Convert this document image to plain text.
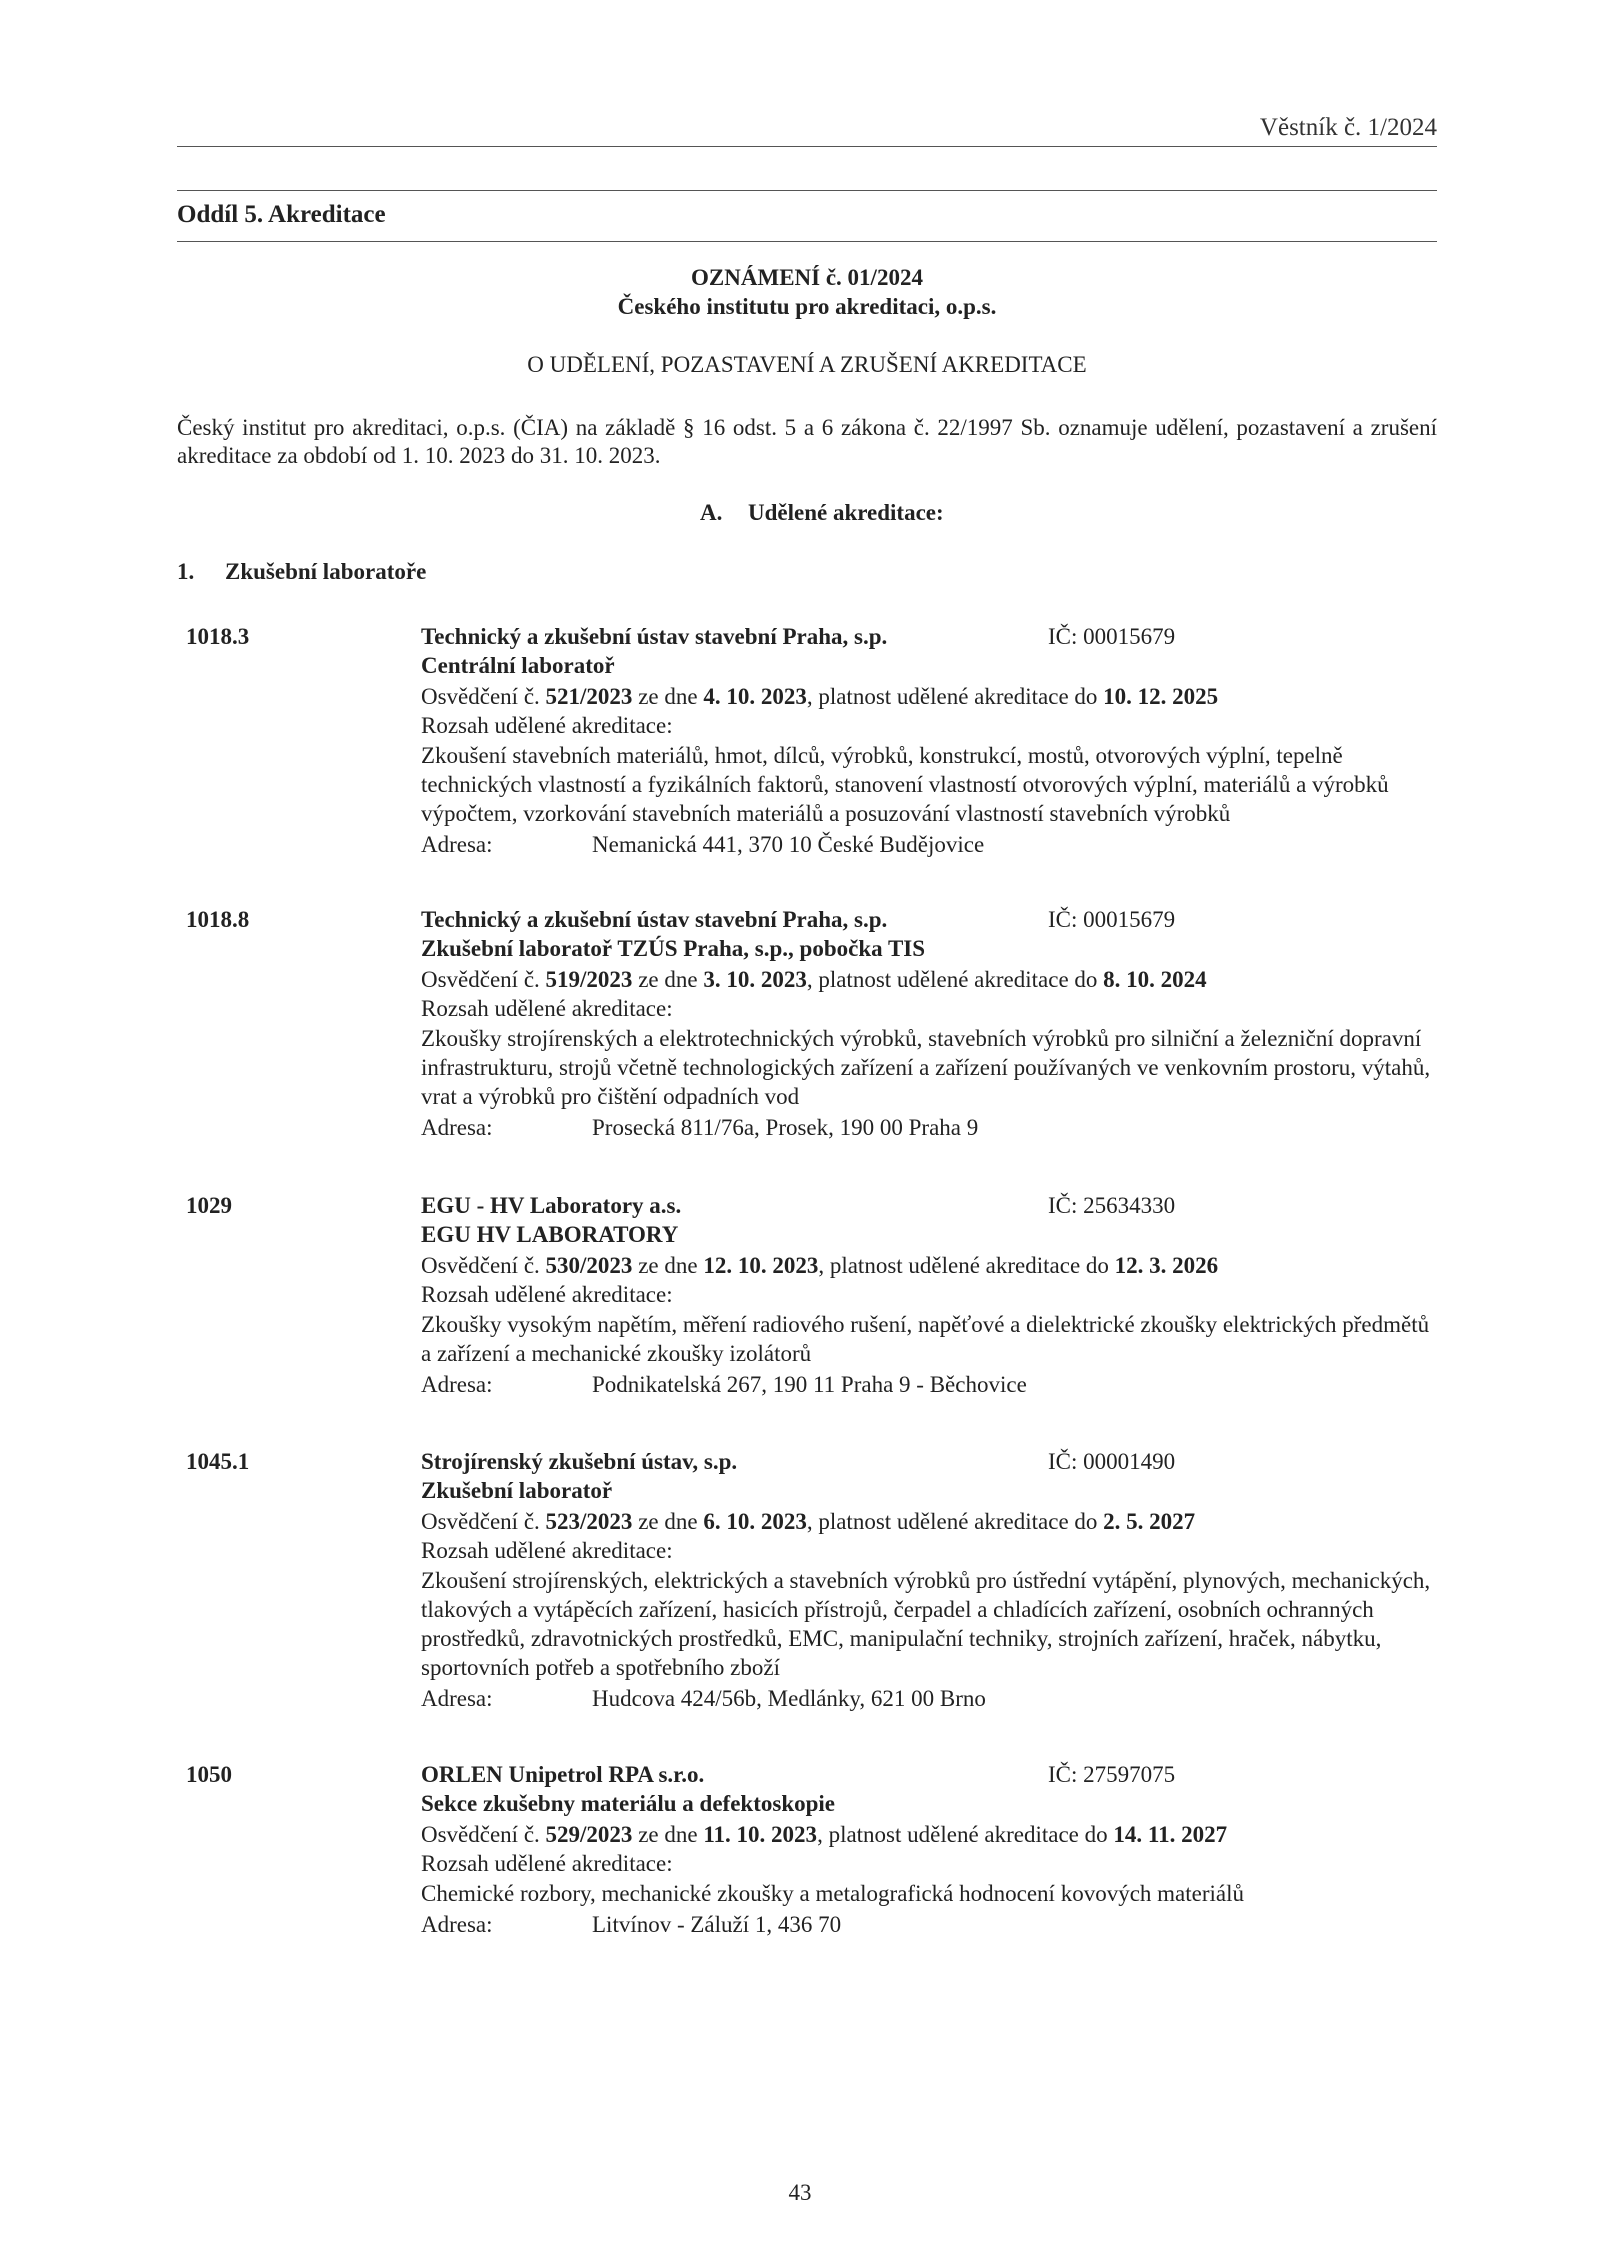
Věstník č. 1/2024
Oddíl 5. Akreditace
OZNÁMENÍ č. 01/2024
Českého institutu pro akreditaci, o.p.s.
O UDĚLENÍ, POZASTAVENÍ A ZRUŠENÍ AKREDITACE
Český institut pro akreditaci, o.p.s. (ČIA) na základě § 16 odst. 5 a 6 zákona č. 22/1997 Sb. oznamuje udělení, pozastavení a zrušení akreditace za období od 1. 10. 2023 do 31. 10. 2023.
A. Udělené akreditace:
1. Zkušební laboratoře
1018.3	Technický a zkušební ústav stavební Praha, s.p.	IČ: 00015679
Centrální laboratoř
Osvědčení č. 521/2023 ze dne 4. 10. 2023, platnost udělené akreditace do 10. 12. 2025
Rozsah udělené akreditace:
Zkoušení stavebních materiálů, hmot, dílců, výrobků, konstrukcí, mostů, otvorových výplní, tepelně technických vlastností a fyzikálních faktorů, stanovení vlastností otvorových výplní, materiálů a výrobků výpočtem, vzorkování stavebních materiálů a posuzování vlastností stavebních výrobků
Adresa:	Nemanická 441, 370 10 České Budějovice
1018.8	Technický a zkušební ústav stavební Praha, s.p.	IČ: 00015679
Zkušební laboratoř TZÚS Praha, s.p., pobočka TIS
Osvědčení č. 519/2023 ze dne 3. 10. 2023, platnost udělené akreditace do 8. 10. 2024
Rozsah udělené akreditace:
Zkoušky strojírenských a elektrotechnických výrobků, stavebních výrobků pro silniční a železniční dopravní infrastrukturu, strojů včetně technologických zařízení a zařízení používaných ve venkovním prostoru, výtahů, vrat a výrobků pro čištění odpadních vod
Adresa:	Prosecká 811/76a, Prosek, 190 00 Praha 9
1029	EGU - HV Laboratory a.s.	IČ: 25634330
EGU HV LABORATORY
Osvědčení č. 530/2023 ze dne 12. 10. 2023, platnost udělené akreditace do 12. 3. 2026
Rozsah udělené akreditace:
Zkoušky vysokým napětím, měření radiového rušení, napěťové a dielektrické zkoušky elektrických předmětů a zařízení a mechanické zkoušky izolátorů
Adresa:	Podnikatelská 267, 190 11 Praha 9 - Běchovice
1045.1	Strojírenský zkušební ústav, s.p.	IČ: 00001490
Zkušební laboratoř
Osvědčení č. 523/2023 ze dne 6. 10. 2023, platnost udělené akreditace do 2. 5. 2027
Rozsah udělené akreditace:
Zkoušení strojírenských, elektrických a stavebních výrobků pro ústřední vytápění, plynových, mechanických, tlakových a vytápěcích zařízení, hasicích přístrojů, čerpadel a chladících zařízení, osobních ochranných prostředků, zdravotnických prostředků, EMC, manipulační techniky, strojních zařízení, hraček, nábytku, sportovních potřeb a spotřebního zboží
Adresa:	Hudcova 424/56b, Medlánky, 621 00 Brno
1050	ORLEN Unipetrol RPA s.r.o.	IČ: 27597075
Sekce zkušebny materiálu a defektoskopie
Osvědčení č. 529/2023 ze dne 11. 10. 2023, platnost udělené akreditace do 14. 11. 2027
Rozsah udělené akreditace:
Chemické rozbory, mechanické zkoušky a metalografická hodnocení kovových materiálů
Adresa:	Litvínov - Záluží 1, 436 70
43
